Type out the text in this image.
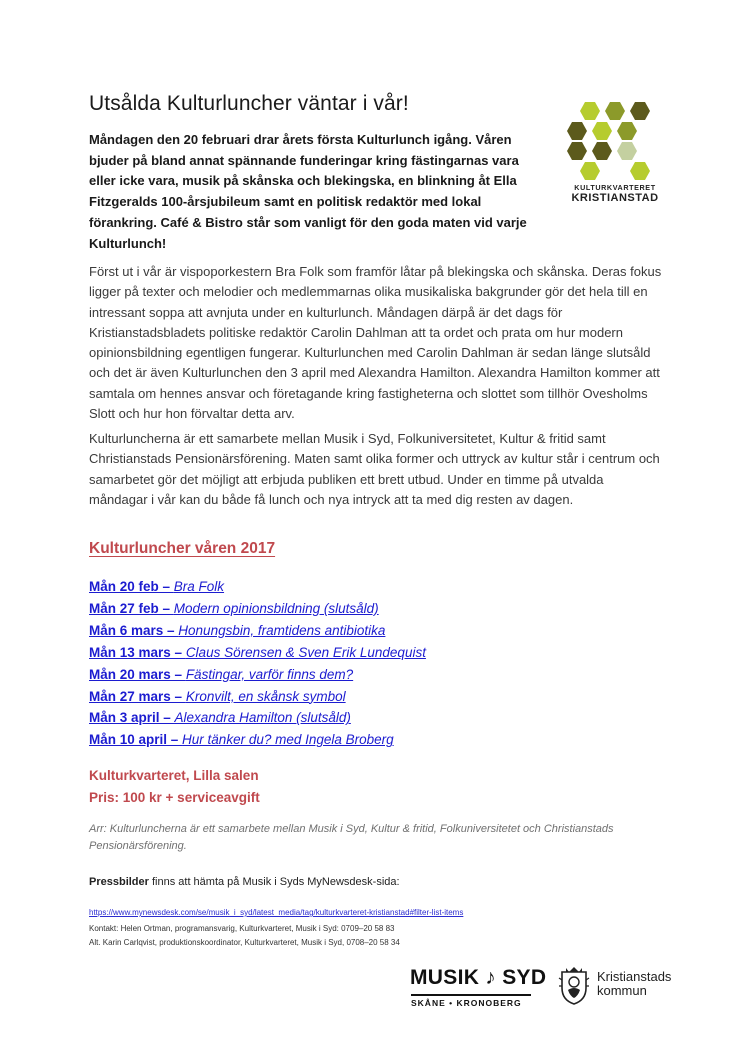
Utsålda Kulturluncher väntar i vår!
KULTURKVARTERET
KRISTIANSTAD

Måndagen den 20 februari drar årets första Kulturlunch igång. Våren bjuder på bland annat spännande funderingar kring fästingarnas vara eller icke vara, musik på skånska och blekingska, en blinkning åt Ella Fitzgeralds 100-årsjubileum samt en politisk redaktör med lokal förankring. Café & Bistro står som vanligt för den goda maten vid varje Kulturlunch!

Först ut i vår är vispoporkestern Bra Folk som framför låtar på blekingska och skånska. Deras fokus ligger på texter och melodier och medlemmarnas olika musikaliska bakgrunder gör det hela till en intressant soppa att avnjuta under en kulturlunch. Måndagen därpå är det dags för Kristianstadsbladets politiske redaktör Carolin Dahlman att ta ordet och prata om hur modern opinionsbildning egentligen fungerar. Kulturlunchen med Carolin Dahlman är sedan länge slutsåld och det är även Kulturlunchen den 3 april med Alexandra Hamilton. Alexandra Hamilton kommer att samtala om hennes ansvar och företagande kring fastigheterna och slottet som tillhör Ovesholms Slott och hur hon förvaltar detta arv.

Kulturluncherna är ett samarbete mellan Musik i Syd, Folkuniversitetet, Kultur & fritid samt Christianstads Pensionärsförening. Maten samt olika former och uttryck av kultur står i centrum och samarbetet gör det möjligt att erbjuda publiken ett brett utbud. Under en timme på utvalda måndagar i vår kan du både få lunch och nya intryck att ta med dig resten av dagen.

Kulturluncher våren 2017
Mån 20 feb – Bra Folk
Mån 27 feb – Modern opinionsbildning (slutsåld)
Mån 6 mars – Honungsbin, framtidens antibiotika
Mån 13 mars – Claus Sörensen & Sven Erik Lundequist
Mån 20 mars – Fästingar, varför finns dem?
Mån 27 mars – Kronvilt, en skånsk symbol
Mån 3 april – Alexandra Hamilton (slutsåld)
Mån 10 april – Hur tänker du? med Ingela Broberg
Kulturkvarteret, Lilla salen
Pris: 100 kr + serviceavgift

Arr: Kulturluncherna är ett samarbete mellan Musik i Syd, Kultur & fritid, Folkuniversitetet och Christianstads Pensionärsförening.

Pressbilder finns att hämta på Musik i Syds MyNewsdesk-sida:

https://www.mynewsdesk.com/se/musik_i_syd/latest_media/tag/kulturkvarteret-kristianstad#filter-list-items
Kontakt: Helen Ortman, programansvarig, Kulturkvarteret, Musik i Syd: 0709–20 58 83
Alt. Karin Carlqvist, produktionskoordinator, Kulturkvarteret, Musik i Syd, 0708–20 58 34
MUSIK ♪ SYD
SKÅNE • KRONOBERG
Kristianstads
kommun
